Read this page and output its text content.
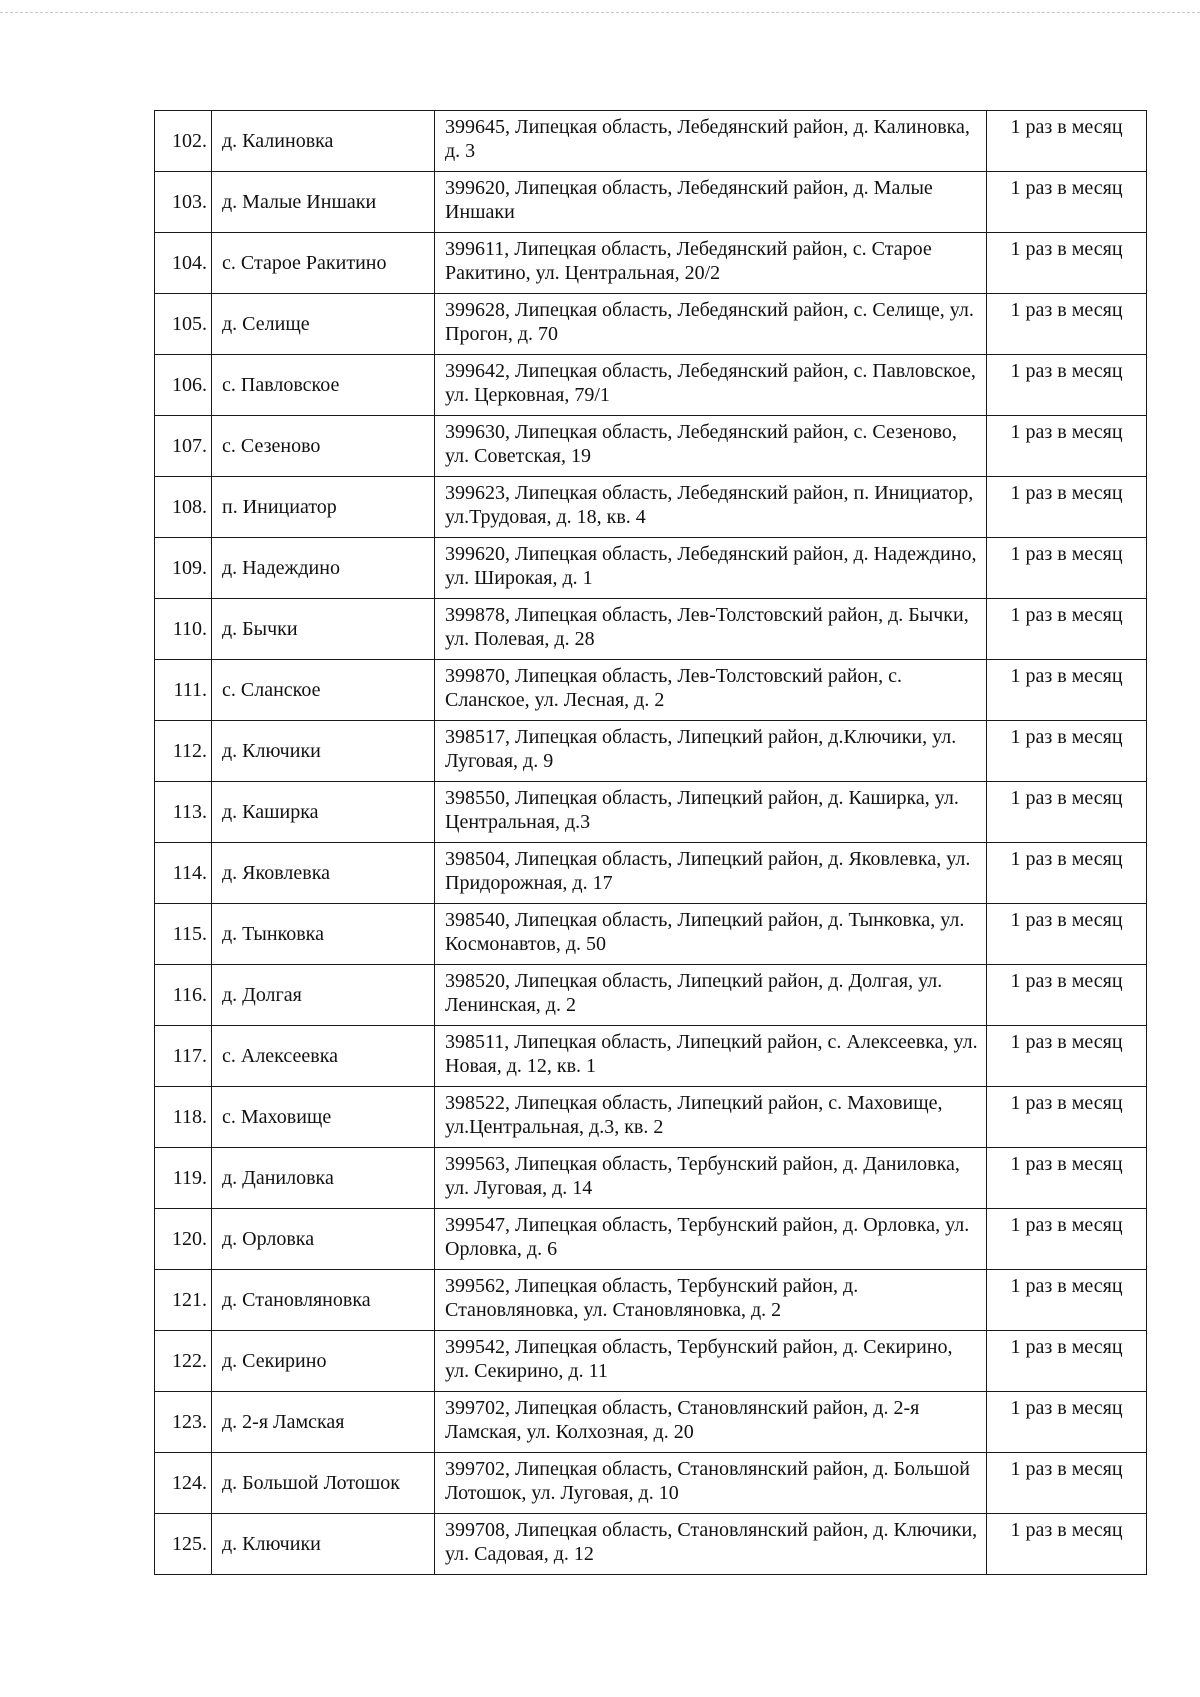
102.	д. Калиновка	399645, Липецкая область, Лебедянский район, д. Калиновка, д. 3	1 раз в месяц
103.	д. Малые Иншаки	399620, Липецкая область, Лебедянский район, д. Малые Иншаки	1 раз в месяц
104.	с. Старое Ракитино	399611, Липецкая область, Лебедянский район, с. Старое Ракитино, ул. Центральная, 20/2	1 раз в месяц
105.	д. Селище	399628, Липецкая область, Лебедянский район, с. Селище, ул. Прогон, д. 70	1 раз в месяц
106.	с. Павловское	399642, Липецкая область, Лебедянский район, с. Павловское, ул. Церковная, 79/1	1 раз в месяц
107.	с. Сезеново	399630, Липецкая область, Лебедянский район, с. Сезеново, ул. Советская, 19	1 раз в месяц
108.	п. Инициатор	399623, Липецкая область, Лебедянский район, п. Инициатор, ул.Трудовая, д. 18, кв. 4	1 раз в месяц
109.	д. Надеждино	399620, Липецкая область, Лебедянский район, д. Надеждино, ул. Широкая, д. 1	1 раз в месяц
110.	д. Бычки	399878, Липецкая область, Лев-Толстовский район, д. Бычки, ул. Полевая, д. 28	1 раз в месяц
111.	с. Сланское	399870, Липецкая область, Лев-Толстовский район, с. Сланское, ул. Лесная, д. 2	1 раз в месяц
112.	д. Ключики	398517, Липецкая область, Липецкий район, д.Ключики, ул. Луговая, д. 9	1 раз в месяц
113.	д. Каширка	398550, Липецкая область, Липецкий район, д. Каширка, ул. Центральная, д.3	1 раз в месяц
114.	д. Яковлевка	398504, Липецкая область, Липецкий район, д. Яковлевка, ул. Придорожная, д. 17	1 раз в месяц
115.	д. Тынковка	398540, Липецкая область, Липецкий район, д. Тынковка, ул. Космонавтов, д. 50	1 раз в месяц
116.	д. Долгая	398520, Липецкая область, Липецкий район, д. Долгая, ул. Ленинская, д. 2	1 раз в месяц
117.	с. Алексеевка	398511, Липецкая область, Липецкий район, с. Алексеевка, ул. Новая, д. 12, кв. 1	1 раз в месяц
118.	с. Маховище	398522, Липецкая область, Липецкий район, с. Маховище, ул.Центральная, д.3, кв. 2	1 раз в месяц
119.	д. Даниловка	399563, Липецкая область, Тербунский район, д. Даниловка, ул. Луговая, д. 14	1 раз в месяц
120.	д. Орловка	399547, Липецкая область, Тербунский район, д. Орловка, ул. Орловка, д. 6	1 раз в месяц
121.	д. Становляновка	399562, Липецкая область, Тербунский район, д. Становляновка, ул. Становляновка, д. 2	1 раз в месяц
122.	д. Секирино	399542, Липецкая область, Тербунский район, д. Секирино, ул. Секирино, д. 11	1 раз в месяц
123.	д. 2-я Ламская	399702, Липецкая область, Становлянский район, д. 2-я Ламская, ул. Колхозная, д. 20	1 раз в месяц
124.	д. Большой Лотошок	399702, Липецкая область, Становлянский район, д. Большой Лотошок, ул. Луговая, д. 10	1 раз в месяц
125.	д. Ключики	399708, Липецкая область, Становлянский район, д. Ключики, ул. Садовая, д. 12	1 раз в месяц
